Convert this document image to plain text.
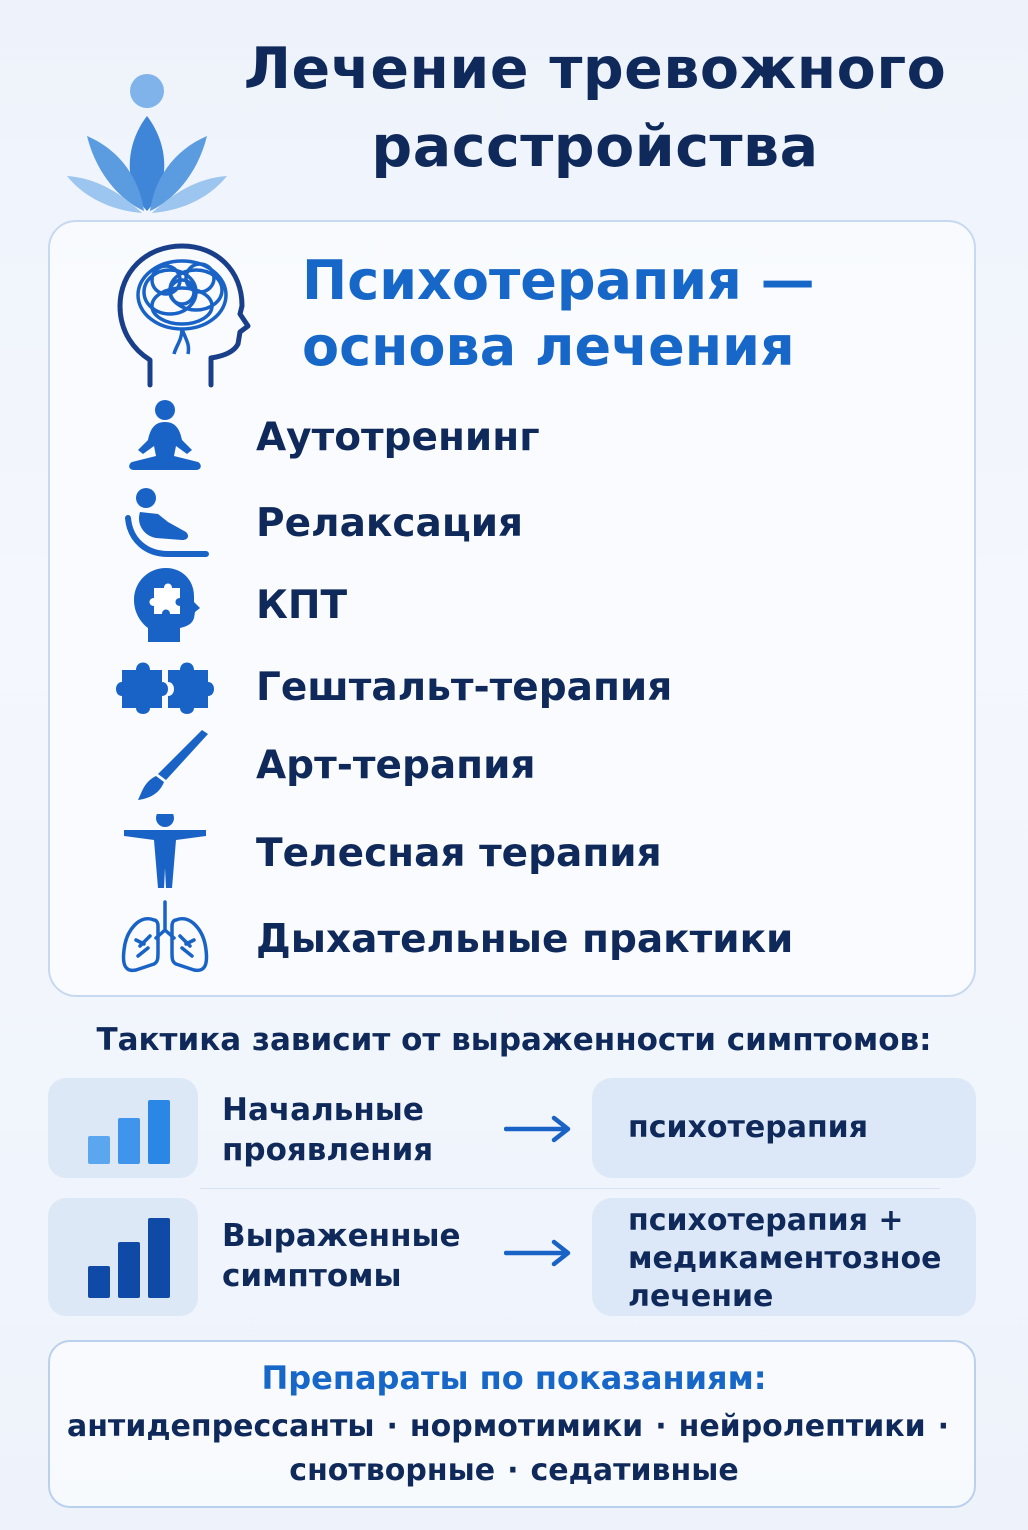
Лечение тревожного
расстройства
Психотерапия —
основа лечения
Аутотренинг
Релаксация
КПТ
Гештальт-терапия
Арт-терапия
Телесная терапия
Дыхательные практики
Тактика зависит от выраженности симптомов:
Начальные
проявления
психотерапия
Выраженные
симптомы
психотерапия +
медикаментозное
лечение
Препараты по показаниям:
антидепрессанты · нормотимики · нейролептики ·
снотворные · седативные
